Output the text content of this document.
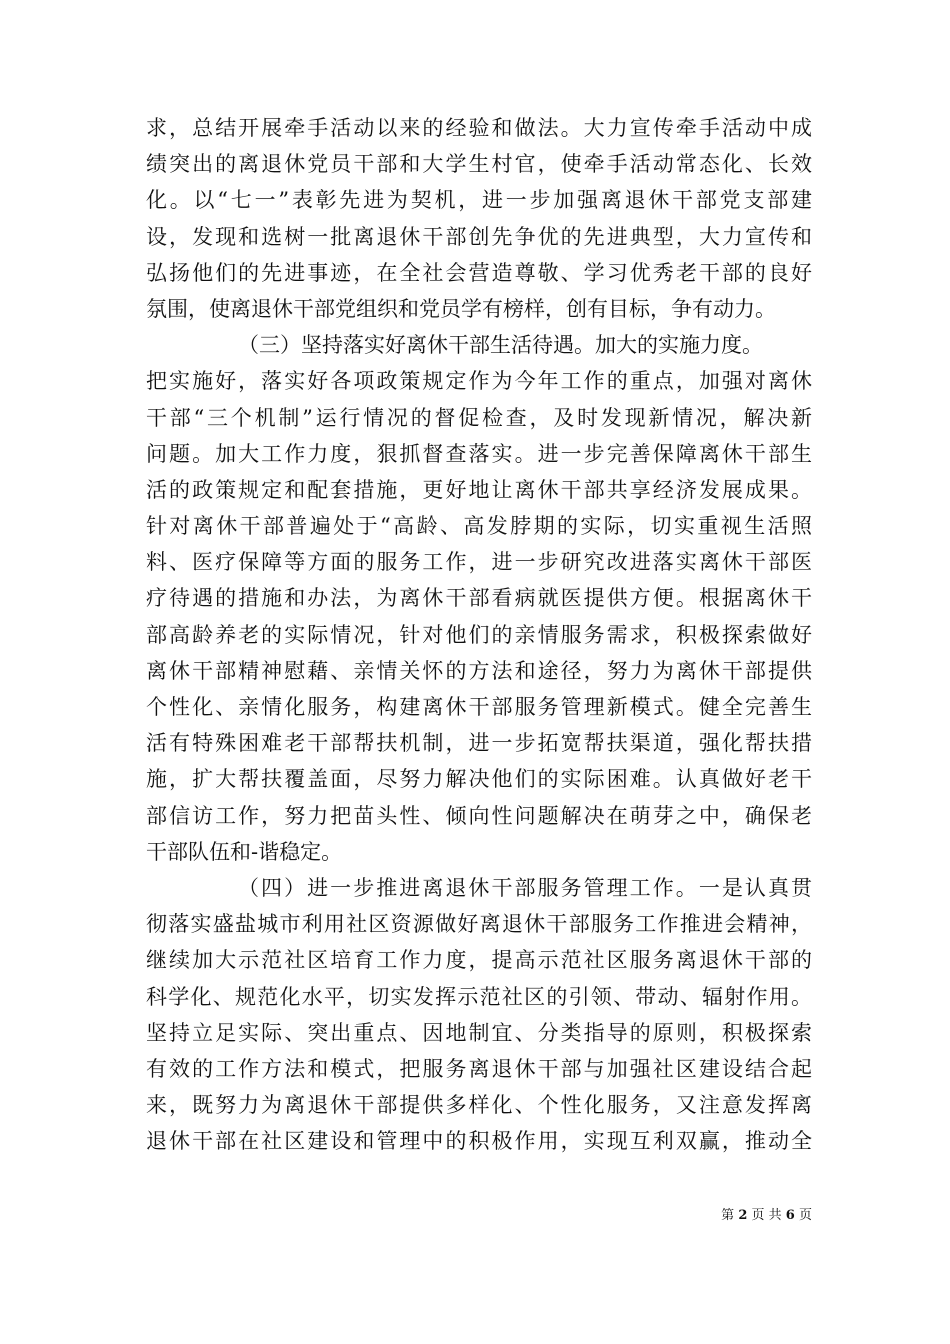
求，总结开展牵手活动以来的经验和做法。大力宣传牵手活动中成
绩突出的离退休党员干部和大学生村官，使牵手活动常态化、长效
化。以“七一”表彰先进为契机，进一步加强离退休干部党支部建
设，发现和选树一批离退休干部创先争优的先进典型，大力宣传和
弘扬他们的先进事迹，在全社会营造尊敬、学习优秀老干部的良好
氛围，使离退休干部党组织和党员学有榜样，创有目标，争有动力。
（三）坚持落实好离休干部生活待遇。加大的实施力度。
把实施好，落实好各项政策规定作为今年工作的重点，加强对离休
干部“三个机制”运行情况的督促检查，及时发现新情况，解决新
问题。加大工作力度，狠抓督查落实。进一步完善保障离休干部生
活的政策规定和配套措施，更好地让离休干部共享经济发展成果。
针对离休干部普遍处于“高龄、高发脖期的实际，切实重视生活照
料、医疗保障等方面的服务工作，进一步研究改进落实离休干部医
疗待遇的措施和办法，为离休干部看病就医提供方便。根据离休干
部高龄养老的实际情况，针对他们的亲情服务需求，积极探索做好
离休干部精神慰藉、亲情关怀的方法和途径，努力为离休干部提供
个性化、亲情化服务，构建离休干部服务管理新模式。健全完善生
活有特殊困难老干部帮扶机制，进一步拓宽帮扶渠道，强化帮扶措
施，扩大帮扶覆盖面，尽努力解决他们的实际困难。认真做好老干
部信访工作，努力把苗头性、倾向性问题解决在萌芽之中，确保老
干部队伍和-谐稳定。
（四）进一步推进离退休干部服务管理工作。一是认真贯
彻落实盛盐城市利用社区资源做好离退休干部服务工作推进会精神，
继续加大示范社区培育工作力度，提高示范社区服务离退休干部的
科学化、规范化水平，切实发挥示范社区的引领、带动、辐射作用。
坚持立足实际、突出重点、因地制宜、分类指导的原则，积极探索
有效的工作方法和模式，把服务离退休干部与加强社区建设结合起
来，既努力为离退休干部提供多样化、个性化服务，又注意发挥离
退休干部在社区建设和管理中的积极作用，实现互利双赢，推动全
第 2 页 共 6 页
